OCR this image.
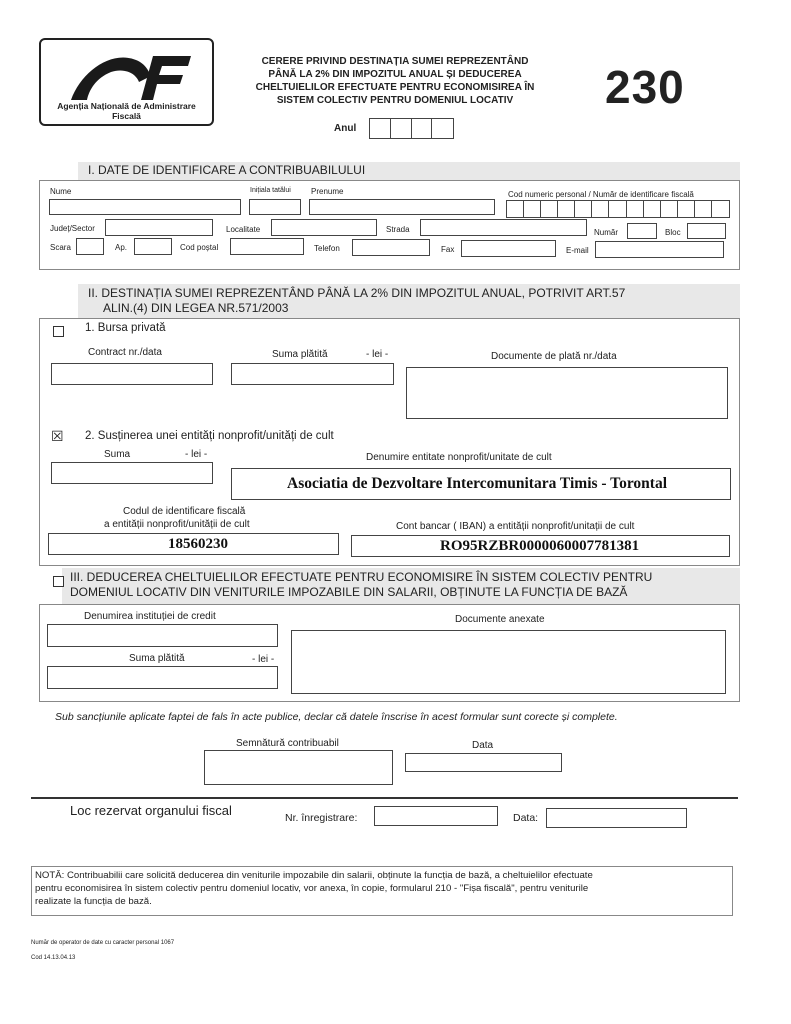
Agenția Națională de Administrare
Fiscală
CERERE PRIVIND DESTINAȚIA SUMEI REPREZENTÂND
PÂNĂ LA 2% DIN IMPOZITUL ANUAL ȘI DEDUCEREA
CHELTUIELILOR EFECTUATE PENTRU ECONOMISIREA ÎN
SISTEM COLECTIV PENTRU DOMENIUL LOCATIV	230
Anul
I. DATE DE IDENTIFICARE A CONTRIBUABILULUI
Nume	Inițiala tatălui	Prenume	Cod numeric personal / Număr de identificare fiscală
Județ/Sector	Localitate	Strada	Număr	Bloc
Scara	Ap.	Cod poștal	Telefon	Fax	E-mail
II. DESTINAȚIA SUMEI REPREZENTÂND PÂNĂ LA 2% DIN IMPOZITUL ANUAL, POTRIVIT ART.57
ALIN.(4) DIN LEGEA NR.571/2003
1. Bursa privată
Contract nr./data	Suma plătită	- lei -	Documente de plată nr./data
☒ 2. Susținerea unei entități nonprofit/unități de cult
Suma	- lei -	Denumire entitate nonprofit/unitate de cult
Asociatia de Dezvoltare Intercomunitara Timis - Torontal
Codul de identificare fiscală
a entității nonprofit/unității de cult
18560230
Cont bancar ( IBAN) a entității nonprofit/unitații de cult
RO95RZBR0000060007781381
III. DEDUCEREA CHELTUIELILOR EFECTUATE PENTRU ECONOMISIRE ÎN SISTEM COLECTIV PENTRU
DOMENIUL LOCATIV DIN VENITURILE IMPOZABILE DIN SALARII, OBȚINUTE LA FUNCȚIA DE BAZĂ
Denumirea instituției de credit	Documente anexate
Suma plătită	- lei -
Sub sancțiunile aplicate faptei de fals în acte publice, declar că datele înscrise în acest formular sunt corecte și complete.
Semnătură contribuabil	Data
Loc rezervat organului fiscal	Nr. înregistrare:	Data:
NOTĂ: Contribuabilii care solicită deducerea din veniturile impozabile din salarii, obținute la funcția de bază, a cheltuielilor efectuate
pentru economisirea în sistem colectiv pentru domeniul locativ, vor anexa, în copie, formularul 210 - "Fișa fiscală", pentru veniturile
realizate la funcția de bază.
Număr de operator de date cu caracter personal 1067
Cod 14.13.04.13
